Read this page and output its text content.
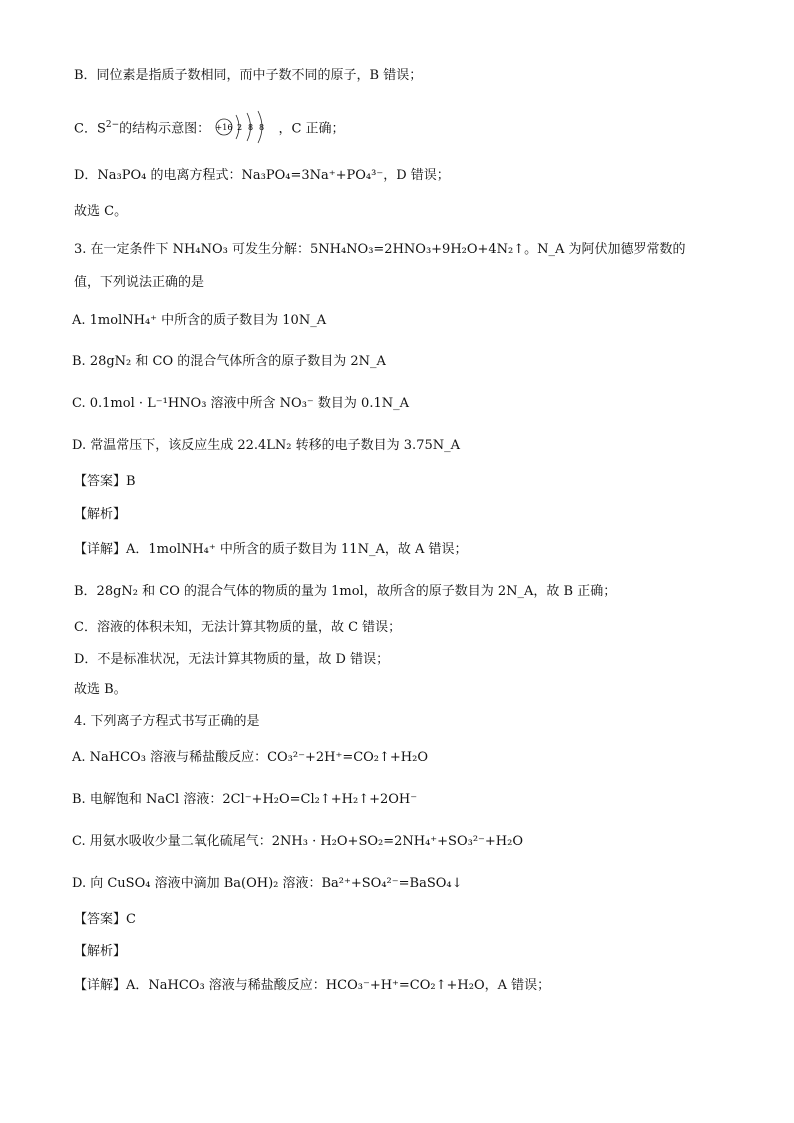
B．同位素是指质子数相同，而中子数不同的原子，B 错误；
C．$S^{2-}$的结构示意图： +16 2 8 8 ，C 正确；
D．Na₃PO₄ 的电离方程式：Na₃PO₄=3Na⁺+PO₄³⁻，D 错误；
故选 C。
3. 在一定条件下 NH₄NO₃ 可发生分解：5NH₄NO₃=2HNO₃+9H₂O+4N₂↑。N_A 为阿伏加德罗常数的
值，下列说法正确的是
A. 1molNH₄⁺ 中所含的质子数目为 10N_A
B. 28gN₂ 和 CO 的混合气体所含的原子数目为 2N_A
C. 0.1mol · L⁻¹HNO₃ 溶液中所含 NO₃⁻ 数目为 0.1N_A
D. 常温常压下，该反应生成 22.4LN₂ 转移的电子数目为 3.75N_A
【答案】B
【解析】
【详解】A．1molNH₄⁺ 中所含的质子数目为 11N_A，故 A 错误；
B．28gN₂ 和 CO 的混合气体的物质的量为 1mol，故所含的原子数目为 2N_A，故 B 正确；
C．溶液的体积未知，无法计算其物质的量，故 C 错误；
D．不是标准状况，无法计算其物质的量，故 D 错误；
故选 B。
4. 下列离子方程式书写正确的是
A. NaHCO₃ 溶液与稀盐酸反应：CO₃²⁻+2H⁺=CO₂↑+H₂O
B. 电解饱和 NaCl 溶液：2Cl⁻+H₂O=Cl₂↑+H₂↑+2OH⁻
C. 用氨水吸收少量二氧化硫尾气：2NH₃ · H₂O+SO₂=2NH₄⁺+SO₃²⁻+H₂O
D. 向 CuSO₄ 溶液中滴加 Ba(OH)₂ 溶液：Ba²⁺+SO₄²⁻=BaSO₄↓
【答案】C
【解析】
【详解】A．NaHCO₃ 溶液与稀盐酸反应：HCO₃⁻+H⁺=CO₂↑+H₂O，A 错误；
